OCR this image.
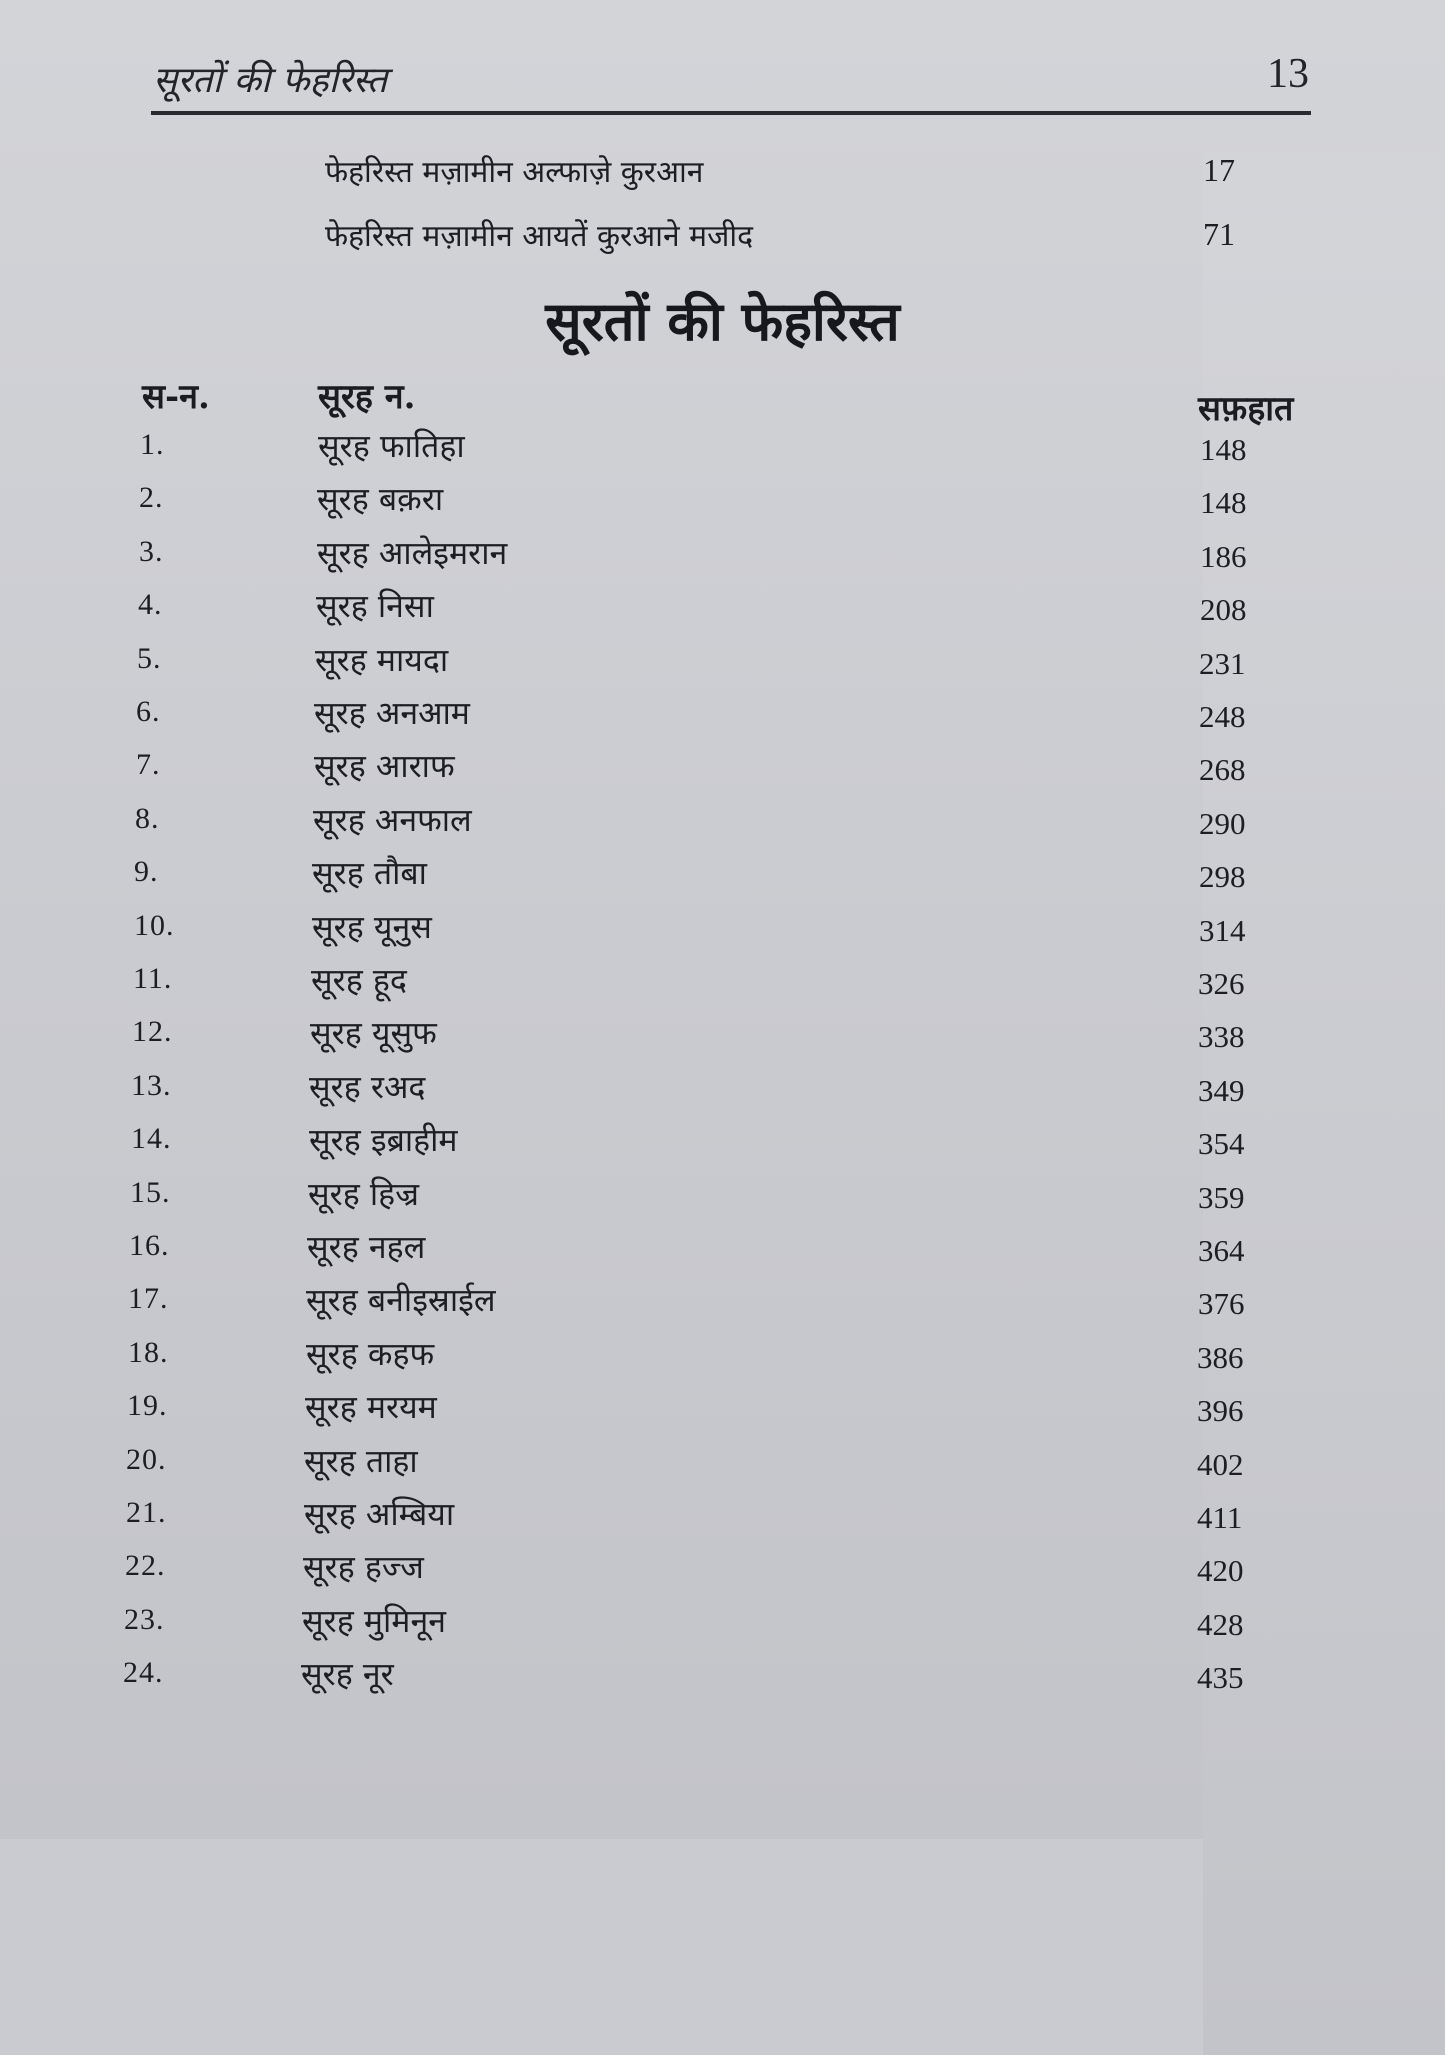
सूरतों की फेहरिस्त	13
फेहरिस्त मज़ामीन अल्फाज़े कुरआन	17
फेहरिस्त मज़ामीन आयतें कुरआने मजीद	71
सूरतों की फेहरिस्त
स-न.	सूरह न.	सफ़हात
1.	सूरह फातिहा	148
2.	सूरह बक़रा	148
3.	सूरह आलेइमरान	186
4.	सूरह निसा	208
5.	सूरह मायदा	231
6.	सूरह अनआम	248
7.	सूरह आराफ	268
8.	सूरह अनफाल	290
9.	सूरह तौबा	298
10.	सूरह यूनुस	314
11.	सूरह हूद	326
12.	सूरह यूसुफ	338
13.	सूरह रअद	349
14.	सूरह इब्राहीम	354
15.	सूरह हिज्र	359
16.	सूरह नहल	364
17.	सूरह बनीइस्राईल	376
18.	सूरह कहफ	386
19.	सूरह मरयम	396
20.	सूरह ताहा	402
21.	सूरह अम्बिया	411
22.	सूरह हज्ज	420
23.	सूरह मुमिनून	428
24.	सूरह नूर	435
